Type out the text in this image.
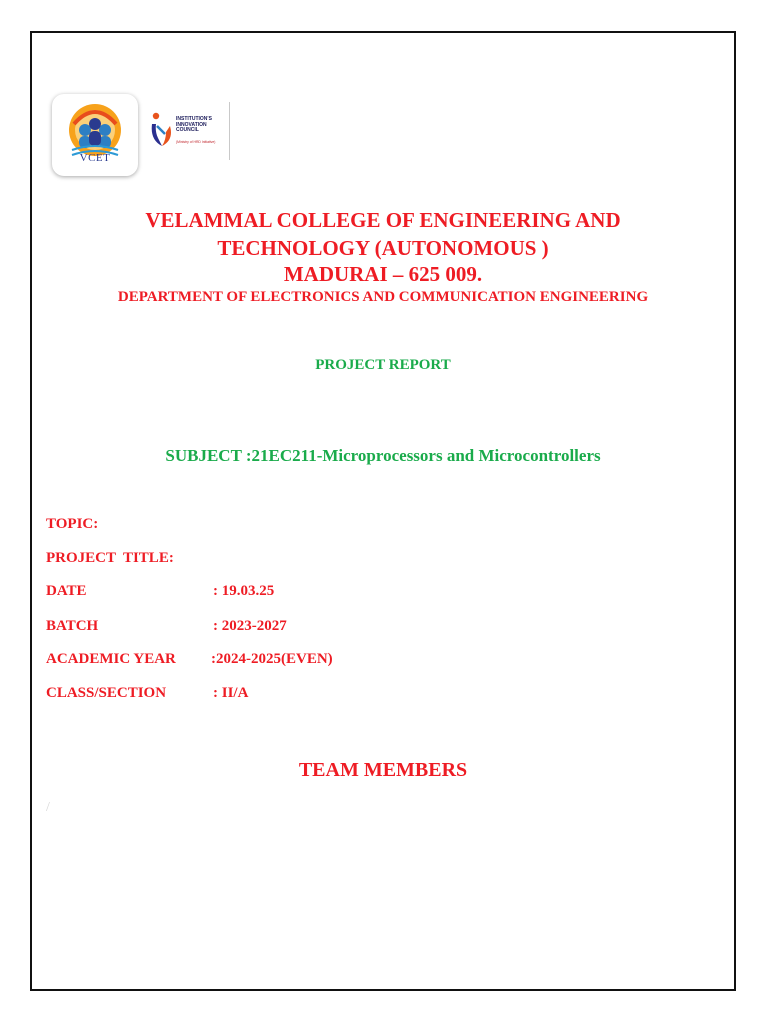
VCET
INSTITUTION'S
INNOVATION
COUNCIL
(Ministry of HRD Initiative)
VELAMMAL COLLEGE OF ENGINEERING AND
TECHNOLOGY (AUTONOMOUS )
MADURAI – 625 009.
DEPARTMENT OF ELECTRONICS AND COMMUNICATION ENGINEERING
PROJECT REPORT
SUBJECT :21EC211-Microprocessors and Microcontrollers
TOPIC:
PROJECT  TITLE:
DATE	: 19.03.25
BATCH	: 2023-2027
ACADEMIC YEAR :2024-2025(EVEN)
CLASS/SECTION	: II/A
TEAM MEMBERS
/
